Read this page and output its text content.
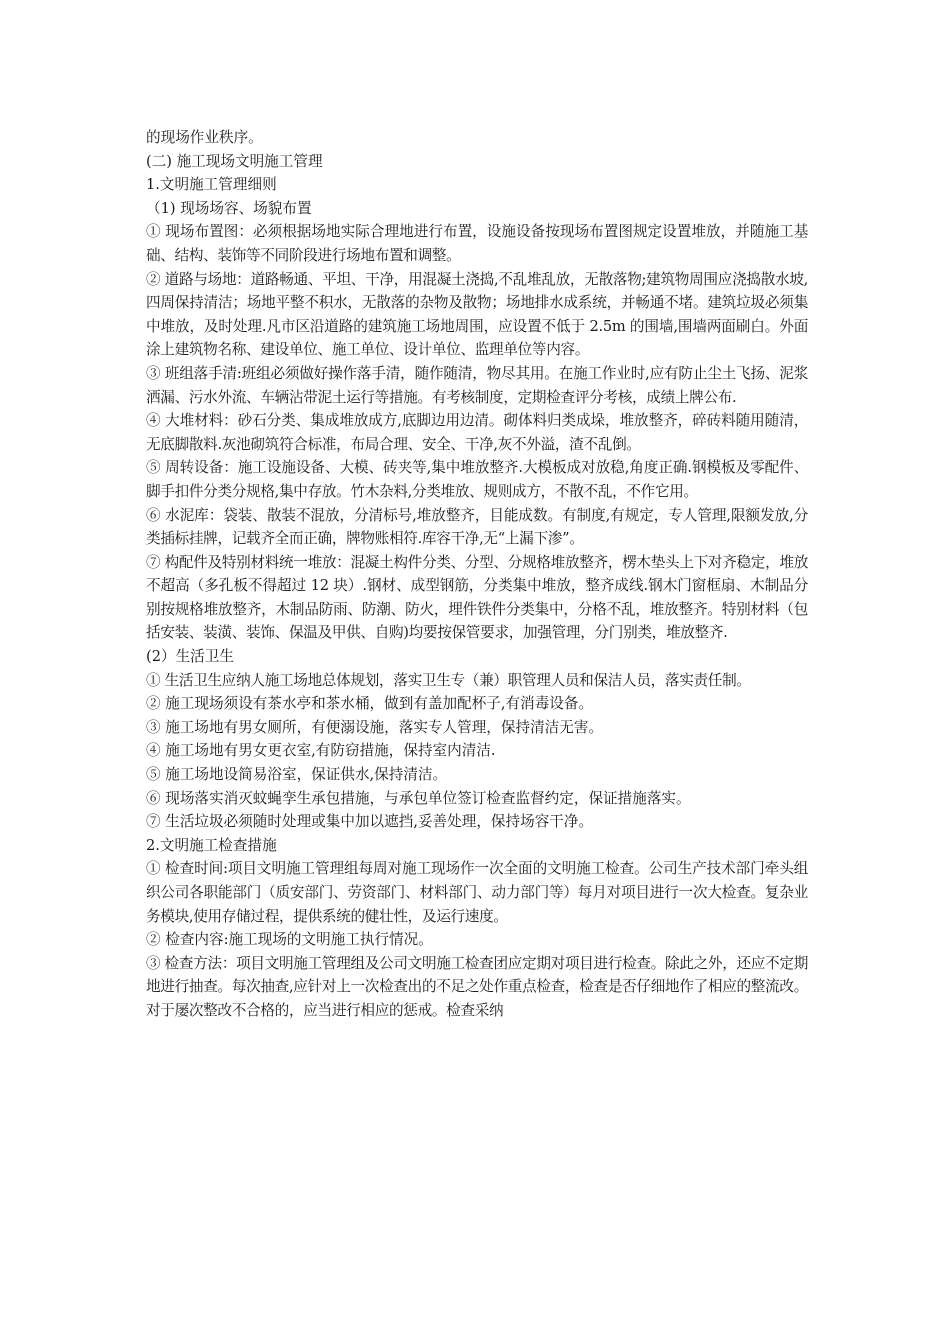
的现场作业秩序。

(二) 施工现场文明施工管理

1.文明施工管理细则

（1) 现场场容、场貌布置

① 现场布置图：必须根据场地实际合理地进行布置，设施设备按现场布置图规定设置堆放，并随施工基础、结构、装饰等不同阶段进行场地布置和调整。

② 道路与场地：道路畅通、平坦、干净，用混凝土浇捣,不乱堆乱放，无散落物;建筑物周围应浇捣散水坡,四周保持清洁；场地平整不积水，无散落的杂物及散物；场地排水成系统，并畅通不堵。建筑垃圾必须集中堆放，及时处理.凡市区沿道路的建筑施工场地周围，应设置不低于 2.5m 的围墙,围墙两面刷白。外面涂上建筑物名称、建设单位、施工单位、设计单位、监理单位等内容。

③ 班组落手清:班组必须做好操作落手清，随作随清，物尽其用。在施工作业时,应有防止尘土飞扬、泥浆洒漏、污水外流、车辆沾带泥土运行等措施。有考核制度，定期检查评分考核，成绩上牌公布.

④ 大堆材料：砂石分类、集成堆放成方,底脚边用边清。砌体料归类成垛，堆放整齐，碎砖料随用随清，无底脚散料.灰池砌筑符合标准，布局合理、安全、干净,灰不外溢，渣不乱倒。

⑤ 周转设备：施工设施设备、大模、砖夹等,集中堆放整齐.大模板成对放稳,角度正确.钢模板及零配件、脚手扣件分类分规格,集中存放。竹木杂料,分类堆放、规则成方，不散不乱，不作它用。

⑥ 水泥库：袋装、散装不混放，分清标号,堆放整齐，目能成数。有制度,有规定，专人管理,限额发放,分类插标挂牌，记载齐全而正确，牌物账相符.库容干净,无“上漏下渗”。

⑦ 构配件及特别材料统一堆放：混凝土构件分类、分型、分规格堆放整齐，楞木垫头上下对齐稳定，堆放不超高（多孔板不得超过 12 块）.钢材、成型钢筋，分类集中堆放，整齐成线.钢木门窗框扇、木制品分别按规格堆放整齐，木制品防雨、防潮、防火，埋件铁件分类集中，分格不乱，堆放整齐。特别材料（包括安装、装潢、装饰、保温及甲供、自购)均要按保管要求，加强管理，分门别类，堆放整齐.

(2）生活卫生

① 生活卫生应纳人施工场地总体规划，落实卫生专（兼）职管理人员和保洁人员，落实责任制。

② 施工现场须设有茶水亭和茶水桶，做到有盖加配杯子,有消毒设备。

③ 施工场地有男女厕所，有便溺设施，落实专人管理，保持清洁无害。

④ 施工场地有男女更衣室,有防窃措施，保持室内清洁.

⑤ 施工场地设简易浴室，保证供水,保持清洁。

⑥ 现场落实消灭蚊蝇孪生承包措施，与承包单位签订检查监督约定，保证措施落实。

⑦ 生活垃圾必须随时处理或集中加以遮挡,妥善处理，保持场容干净。

2.文明施工检查措施

① 检查时间:项目文明施工管理组每周对施工现场作一次全面的文明施工检查。公司生产技术部门牵头组织公司各职能部门（质安部门、劳资部门、材料部门、动力部门等）每月对项目进行一次大检查。复杂业务模块,使用存储过程，提供系统的健壮性，及运行速度。

② 检查内容:施工现场的文明施工执行情况。

③ 检查方法：项目文明施工管理组及公司文明施工检查团应定期对项目进行检查。除此之外，还应不定期地进行抽查。每次抽查,应针对上一次检查出的不足之处作重点检查，检查是否仔细地作了相应的整流改。对于屡次整改不合格的，应当进行相应的惩戒。检查采纳
